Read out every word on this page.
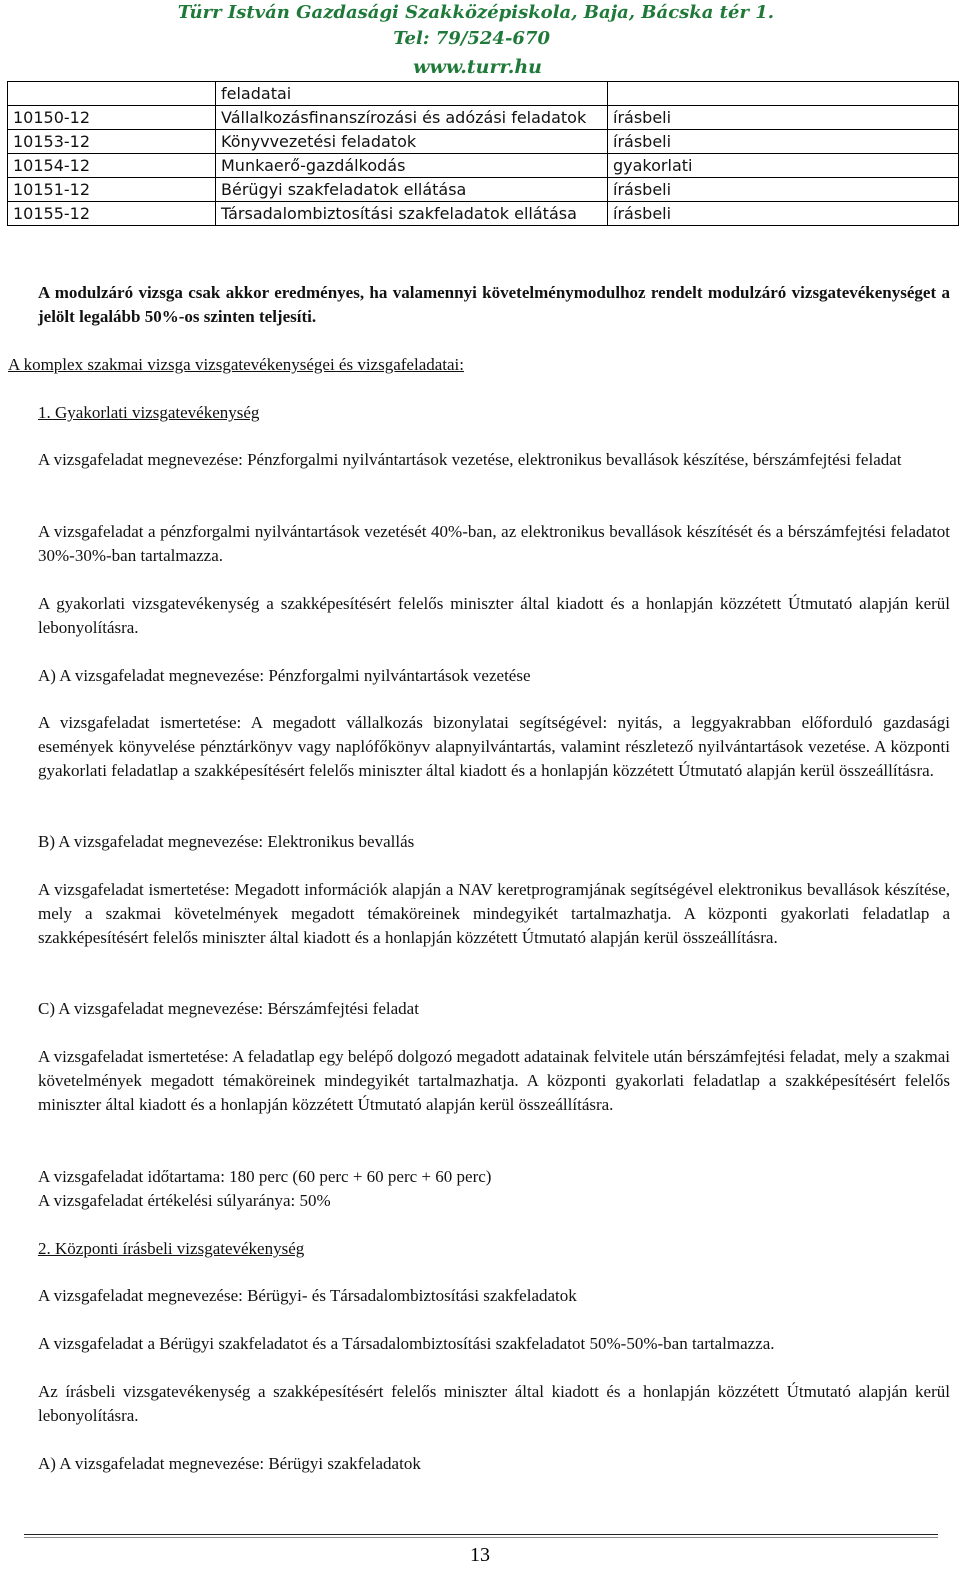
Türr István Gazdasági Szakközépiskola, Baja, Bácska tér 1.
Tel: 79/524-670
www.turr.hu
	feladatai	
10150-12	Vállalkozásfinanszírozási és adózási feladatok	írásbeli
10153-12	Könyvvezetési feladatok	írásbeli
10154-12	Munkaerő-gazdálkodás	gyakorlati
10151-12	Bérügyi szakfeladatok ellátása	írásbeli
10155-12	Társadalombiztosítási szakfeladatok ellátása	írásbeli
A modulzáró vizsga csak akkor eredményes, ha valamennyi követelménymodulhoz rendelt modulzáró vizsgatevékenységet a jelölt legalább 50%-os szinten teljesíti.
A komplex szakmai vizsga vizsgatevékenységei és vizsgafeladatai:
1. Gyakorlati vizsgatevékenység
A vizsgafeladat megnevezése: Pénzforgalmi nyilvántartások vezetése, elektronikus bevallások készítése, bérszámfejtési feladat
A vizsgafeladat a pénzforgalmi nyilvántartások vezetését 40%-ban, az elektronikus bevallások készítését és a bérszámfejtési feladatot 30%-30%-ban tartalmazza.
A gyakorlati vizsgatevékenység a szakképesítésért felelős miniszter által kiadott és a honlapján közzétett Útmutató alapján kerül lebonyolításra.
A) A vizsgafeladat megnevezése: Pénzforgalmi nyilvántartások vezetése
A vizsgafeladat ismertetése: A megadott vállalkozás bizonylatai segítségével: nyitás, a leggyakrabban előforduló gazdasági események könyvelése pénztárkönyv vagy naplófőkönyv alapnyilvántartás, valamint részletező nyilvántartások vezetése. A központi gyakorlati feladatlap a szakképesítésért felelős miniszter által kiadott és a honlapján közzétett Útmutató alapján kerül összeállításra.
B) A vizsgafeladat megnevezése: Elektronikus bevallás
A vizsgafeladat ismertetése: Megadott információk alapján a NAV keretprogramjának segítségével elektronikus bevallások készítése, mely a szakmai követelmények megadott témaköreinek mindegyikét tartalmazhatja. A központi gyakorlati feladatlap a szakképesítésért felelős miniszter által kiadott és a honlapján közzétett Útmutató alapján kerül összeállításra.
C) A vizsgafeladat megnevezése: Bérszámfejtési feladat
A vizsgafeladat ismertetése: A feladatlap egy belépő dolgozó megadott adatainak felvitele után bérszámfejtési feladat, mely a szakmai követelmények megadott témaköreinek mindegyikét tartalmazhatja. A központi gyakorlati feladatlap a szakképesítésért felelős miniszter által kiadott és a honlapján közzétett Útmutató alapján kerül összeállításra.
A vizsgafeladat időtartama: 180 perc (60 perc + 60 perc + 60 perc)
A vizsgafeladat értékelési súlyaránya: 50%
2. Központi írásbeli vizsgatevékenység
A vizsgafeladat megnevezése: Bérügyi- és Társadalombiztosítási szakfeladatok
A vizsgafeladat a Bérügyi szakfeladatot és a Társadalombiztosítási szakfeladatot 50%-50%-ban tartalmazza.
Az írásbeli vizsgatevékenység a szakképesítésért felelős miniszter által kiadott és a honlapján közzétett Útmutató alapján kerül lebonyolításra.
A) A vizsgafeladat megnevezése: Bérügyi szakfeladatok
13
